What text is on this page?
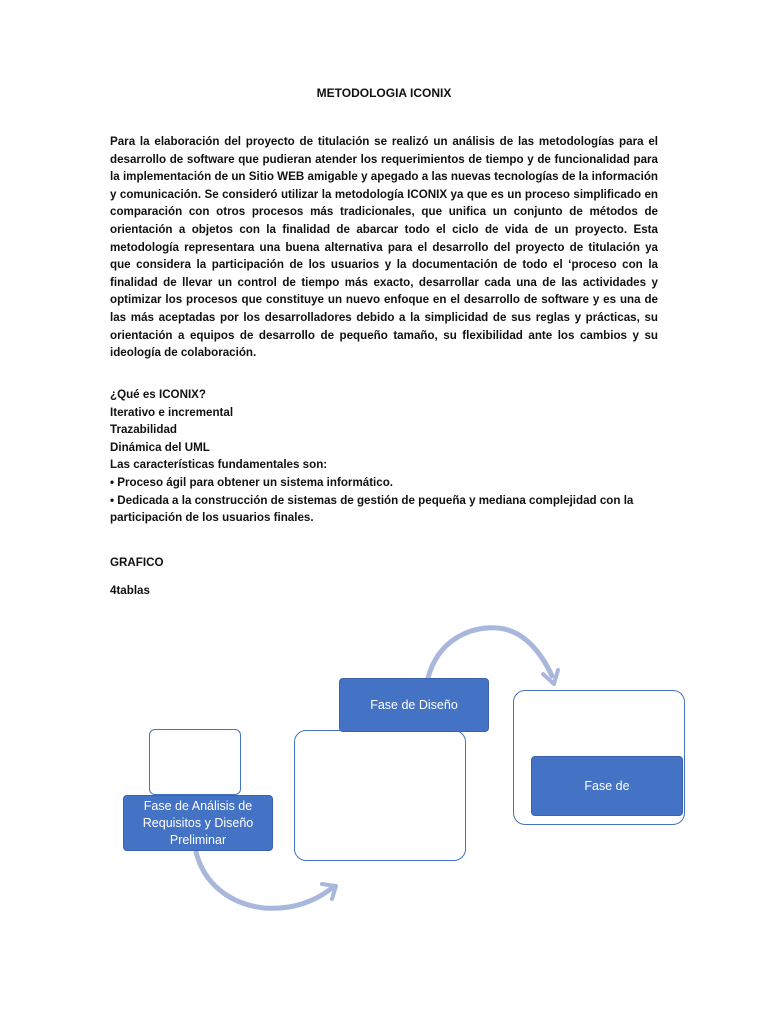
METODOLOGIA ICONIX
Para la elaboración del proyecto de titulación se realizó un análisis de las metodologías para el desarrollo de software que pudieran atender los requerimientos de tiempo y de funcionalidad para la implementación de un Sitio WEB amigable y apegado a las nuevas tecnologías de la información y comunicación. Se consideró utilizar la metodología ICONIX ya que es un proceso simplificado en comparación con otros procesos más tradicionales, que unifica un conjunto de métodos de orientación a objetos con la finalidad de abarcar todo el ciclo de vida de un proyecto. Esta metodología representara una buena alternativa para el desarrollo del proyecto de titulación ya que considera la participación de los usuarios y la documentación de todo el ‘proceso con la finalidad de llevar un control de tiempo más exacto, desarrollar cada una de las actividades y optimizar los procesos que constituye un nuevo enfoque en el desarrollo de software y es una de las más aceptadas por los desarrolladores debido a la simplicidad de sus reglas y prácticas, su orientación a equipos de desarrollo de pequeño tamaño, su flexibilidad ante los cambios y su ideología de colaboración.
¿Qué es ICONIX?
Iterativo e incremental
Trazabilidad
Dinámica del UML
Las características fundamentales son:
• Proceso ágil para obtener un sistema informático.
• Dedicada a la construcción de sistemas de gestión de pequeña y mediana complejidad con la participación de los usuarios finales.
GRAFICO
4tablas
Fase de Análisis de Requisitos y Diseño Preliminar
Fase de Diseño
Fase de
